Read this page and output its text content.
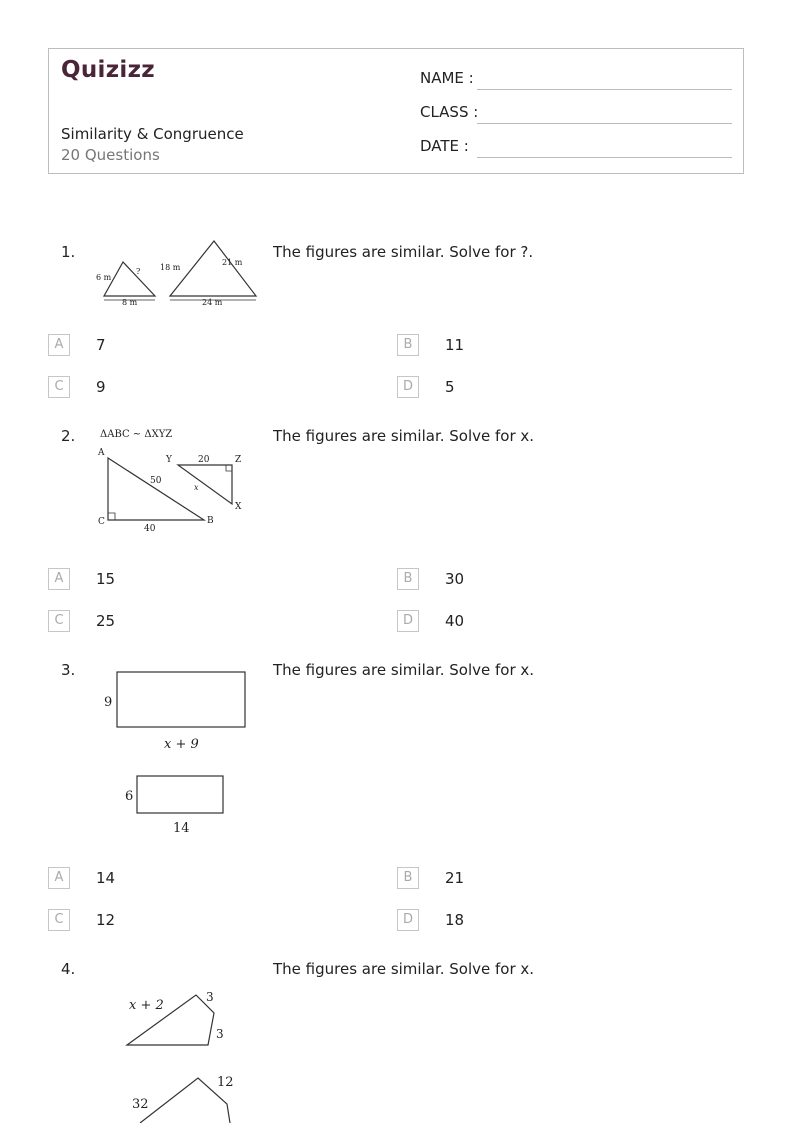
Quizizz
Similarity & Congruence
20 Questions
NAME :
CLASS :
DATE :
1.
6 m
?
8 m
18 m
21 m
24 m
The figures are similar. Solve for ?.
A	7	B	11
C	9	D	5
2. ΔABC ~ ΔXYZ
A
50
C
40
B
Y	20	Z
x
X
The figures are similar. Solve for x.
A	15	B	30
C	25	D	40
3.
9
x + 9
6
14
The figures are similar. Solve for x.
A	14	B	21
C	12	D	18
4.
x + 2
3
3
32
12
The figures are similar. Solve for x.
